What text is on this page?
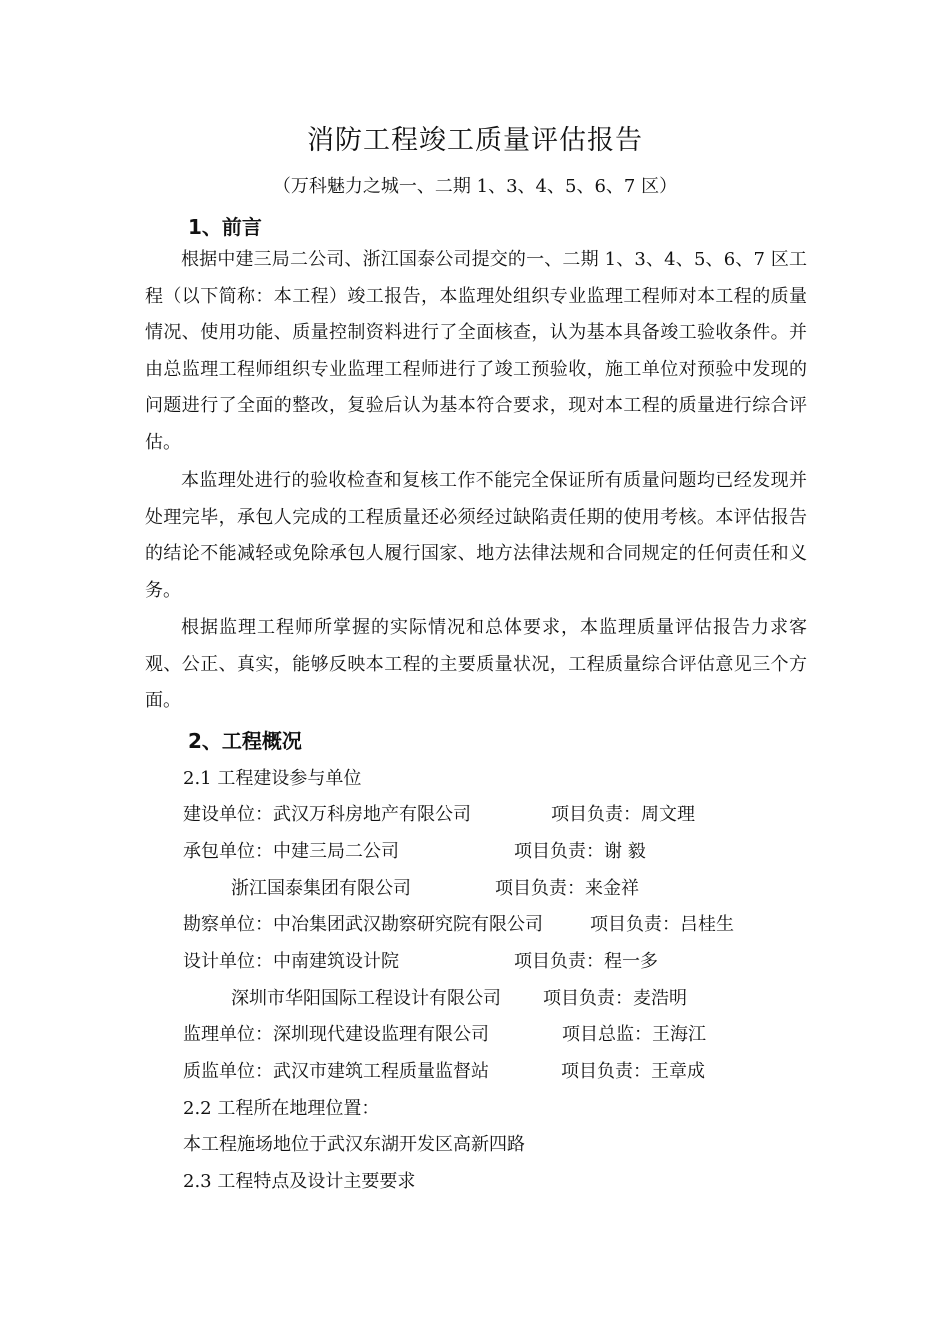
消防工程竣工质量评估报告
（万科魅力之城一、二期 1、3、4、5、6、7 区）
1、前言

根据中建三局二公司、浙江国泰公司提交的一、二期 1、3、4、5、6、7 区工程（以下简称：本工程）竣工报告，本监理处组织专业监理工程师对本工程的质量情况、使用功能、质量控制资料进行了全面核查，认为基本具备竣工验收条件。并由总监理工程师组织专业监理工程师进行了竣工预验收，施工单位对预验中发现的问题进行了全面的整改，复验后认为基本符合要求，现对本工程的质量进行综合评估。

本监理处进行的验收检查和复核工作不能完全保证所有质量问题均已经发现并处理完毕，承包人完成的工程质量还必须经过缺陷责任期的使用考核。本评估报告的结论不能减轻或免除承包人履行国家、地方法律法规和合同规定的任何责任和义务。

根据监理工程师所掌握的实际情况和总体要求，本监理质量评估报告力求客观、公正、真实，能够反映本工程的主要质量状况，工程质量综合评估意见三个方面。

2、工程概况
2.1 工程建设参与单位
建设单位：武汉万科房地产有限公司	项目负责：周文理
承包单位：中建三局二公司	项目负责：谢 毅
浙江国泰集团有限公司	项目负责：来金祥
勘察单位：中冶集团武汉勘察研究院有限公司	项目负责：吕桂生
设计单位：中南建筑设计院	项目负责：程一多
深圳市华阳国际工程设计有限公司 项目负责：麦浩明
监理单位：深圳现代建设监理有限公司	项目总监：王海江
质监单位：武汉市建筑工程质量监督站	项目负责：王章成
2.2 工程所在地理位置：
本工程施场地位于武汉东湖开发区高新四路
2.3 工程特点及设计主要要求
